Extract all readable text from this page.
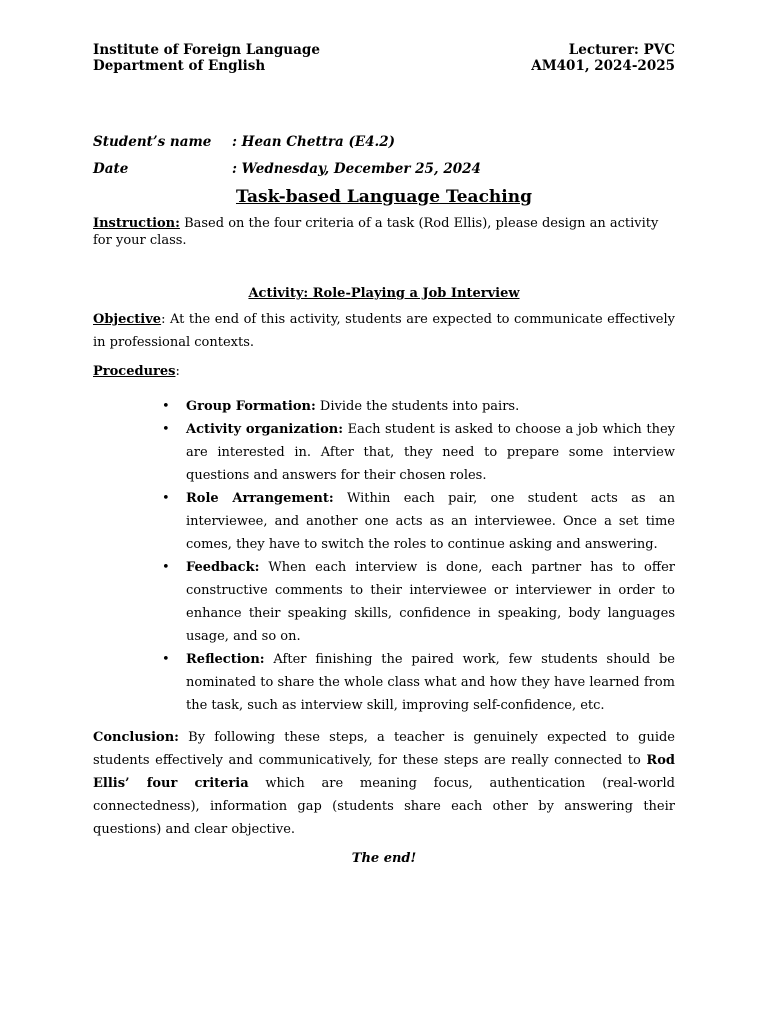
Institute of Foreign Language
Department of English
Lecturer: PVC
AM401, 2024-2025
Student’s name	: Hean Chettra (E4.2)
Date	: Wednesday, December 25, 2024
Task-based Language Teaching

Instruction: Based on the four criteria of a task (Rod Ellis), please design an activity for your class.

Activity: Role-Playing a Job Interview

Objective: At the end of this activity, students are expected to communicate effectively in professional contexts.

Procedures:

• Group Formation: Divide the students into pairs.
• Activity organization: Each student is asked to choose a job which they are interested in. After that, they need to prepare some interview questions and answers for their chosen roles.
• Role Arrangement: Within each pair, one student acts as an interviewee, and another one acts as an interviewee. Once a set time comes, they have to switch the roles to continue asking and answering.
• Feedback: When each interview is done, each partner has to offer constructive comments to their interviewee or interviewer in order to enhance their speaking skills, confidence in speaking, body languages usage, and so on.
• Reflection: After finishing the paired work, few students should be nominated to share the whole class what and how they have learned from the task, such as interview skill, improving self-confidence, etc.

Conclusion: By following these steps, a teacher is genuinely expected to guide students effectively and communicatively, for these steps are really connected to Rod Ellis’ four criteria which are meaning focus, authentication (real-world connectedness), information gap (students share each other by answering their questions) and clear objective.

The end!
